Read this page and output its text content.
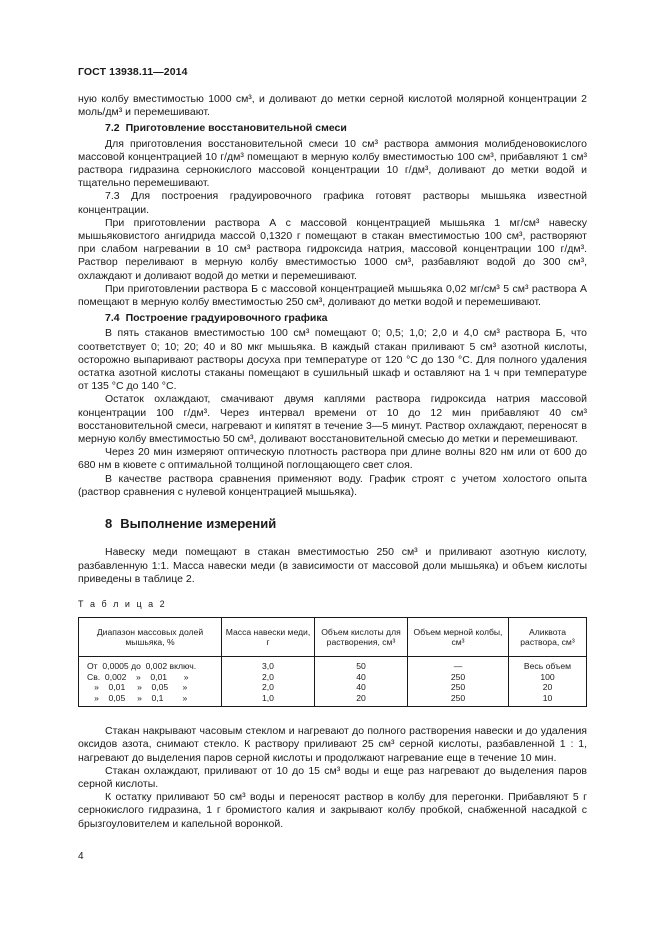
ГОСТ 13938.11—2014

ную колбу вместимостью 1000 см³, и доливают до метки серной кислотой молярной концентрации 2 моль/дм³ и перемешивают.

7.2 Приготовление восстановительной смеси

Для приготовления восстановительной смеси 10 см³ раствора аммония молибденовокислого массовой концентрацией 10 г/дм³ помещают в мерную колбу вместимостью 100 см³, прибавляют 1 см³ раствора гидразина сернокислого массовой концентрации 10 г/дм³, доливают до метки водой и тщательно перемешивают.

7.3 Для построения градуировочного графика готовят растворы мышьяка известной концентрации.

При приготовлении раствора А с массовой концентрацией мышьяка 1 мг/см³ навеску мышьяковистого ангидрида массой 0,1320 г помещают в стакан вместимостью 100 см³, растворяют при слабом нагревании в 10 см³ раствора гидроксида натрия, массовой концентрации 100 г/дм³. Раствор переливают в мерную колбу вместимостью 1000 см³, разбавляют водой до 300 см³, охлаждают и доливают водой до метки и перемешивают.

При приготовлении раствора Б с массовой концентрацией мышьяка 0,02 мг/см³ 5 см³ раствора А помещают в мерную колбу вместимостью 250 см³, доливают до метки водой и перемешивают.

7.4 Построение градуировочного графика

В пять стаканов вместимостью 100 см³ помещают 0; 0,5; 1,0; 2,0 и 4,0 см³ раствора Б, что соответствует 0; 10; 20; 40 и 80 мкг мышьяка. В каждый стакан приливают 5 см³ азотной кислоты, осторожно выпаривают растворы досуха при температуре от 120 °С до 130 °С. Для полного удаления остатка азотной кислоты стаканы помещают в сушильный шкаф и оставляют на 1 ч при температуре от 135 °С до 140 °С.

Остаток охлаждают, смачивают двумя каплями раствора гидроксида натрия массовой концентрации 100 г/дм³. Через интервал времени от 10 до 12 мин прибавляют 40 см³ восстановительной смеси, нагревают и кипятят в течение 3—5 минут. Раствор охлаждают, переносят в мерную колбу вместимостью 50 см³, доливают восстановительной смесью до метки и перемешивают.

Через 20 мин измеряют оптическую плотность раствора при длине волны 820 нм или от 600 до 680 нм в кювете с оптимальной толщиной поглощающего свет слоя.

В качестве раствора сравнения применяют воду. График строят с учетом холостого опыта (раствор сравнения с нулевой концентрацией мышьяка).

8 Выполнение измерений

Навеску меди помещают в стакан вместимостью 250 см³ и приливают азотную кислоту, разбавленную 1:1. Масса навески меди (в зависимости от массовой доли мышьяка) и объем кислоты приведены в таблице 2.

Т а б л и ц а 2
Диапазон массовых долей мышьяка, %	Масса навески меди, г	Объем кислоты для растворения, см³	Объем мерной колбы, см³	Аликвота раствора, см³
От  0,0005 до  0,002 включ.	3,0	50	—	Весь объем
Св.  0,002    »    0,01       »	2,0	40	250	100
»    0,01     »    0,05      »	2,0	40	250	20
»    0,05     »    0,1        »	1,0	20	250	10

Стакан накрывают часовым стеклом и нагревают до полного растворения навески и до удаления оксидов азота, снимают стекло. К раствору приливают 25 см³ серной кислоты, разбавленной 1 : 1, нагревают до выделения паров серной кислоты и продолжают нагревание еще в течение 10 мин.

Стакан охлаждают, приливают от 10 до 15 см³ воды и еще раз нагревают до выделения паров серной кислоты.

К остатку приливают 50 см³ воды и переносят раствор в колбу для перегонки. Прибавляют 5 г сернокислого гидразина, 1 г бромистого калия и закрывают колбу пробкой, снабженной насадкой с брызгоуловителем и капельной воронкой.

4
